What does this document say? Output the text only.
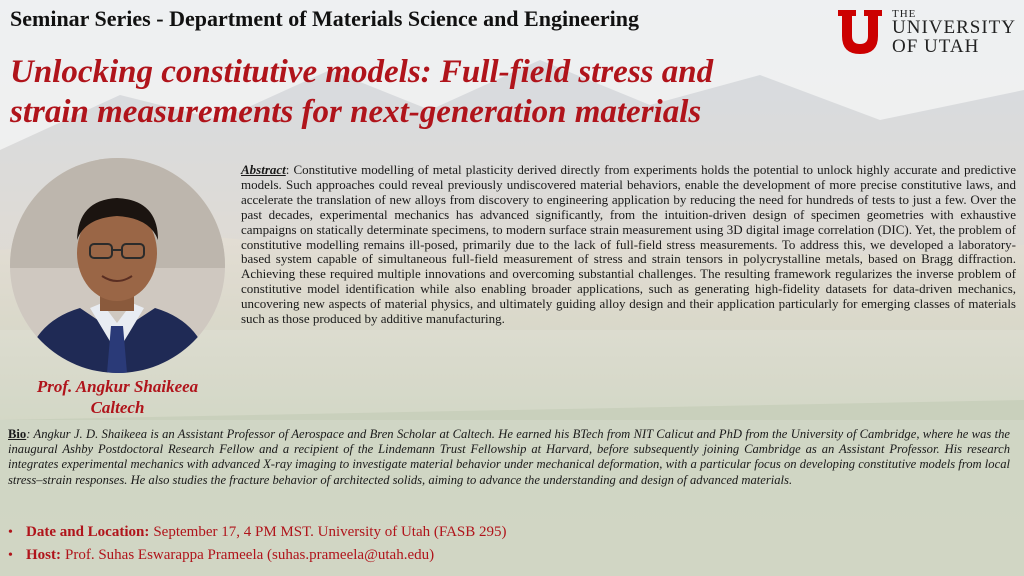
Seminar Series - Department of Materials Science and Engineering	THE
UNIVERSITY
OF UTAH
Unlocking constitutive models: Full-field stress and
strain measurements for next-generation materials
Prof. Angkur Shaikeea
Caltech
Abstract: Constitutive modelling of metal plasticity derived directly from experiments holds the potential to unlock highly accurate and predictive models. Such approaches could reveal previously undiscovered material behaviors, enable the development of more precise constitutive laws, and accelerate the translation of new alloys from discovery to engineering application by reducing the need for hundreds of tests to just a few. Over the past decades, experimental mechanics has advanced significantly, from the intuition-driven design of specimen geometries with exhaustive campaigns on statically determinate specimens, to modern surface strain measurement using 3D digital image correlation (DIC). Yet, the problem of constitutive modelling remains ill-posed, primarily due to the lack of full-field stress measurements. To address this, we developed a laboratory-based system capable of simultaneous full-field measurement of stress and strain tensors in polycrystalline metals, based on Bragg diffraction. Achieving these required multiple innovations and overcoming substantial challenges. The resulting framework regularizes the inverse problem of constitutive model identification while also enabling broader applications, such as generating high-fidelity datasets for data-driven mechanics, uncovering new aspects of material physics, and ultimately guiding alloy design and their application particularly for emerging classes of materials such as those produced by additive manufacturing.
Bio: Angkur J. D. Shaikeea is an Assistant Professor of Aerospace and Bren Scholar at Caltech. He earned his BTech from NIT Calicut and PhD from the University of Cambridge, where he was the inaugural Ashby Postdoctoral Research Fellow and a recipient of the Lindemann Trust Fellowship at Harvard, before subsequently joining Cambridge as an Assistant Professor. His research integrates experimental mechanics with advanced X-ray imaging to investigate material behavior under mechanical deformation, with a particular focus on developing constitutive models from local stress–strain responses. He also studies the fracture behavior of architected solids, aiming to advance the understanding and design of advanced materials.
• Date and Location: September 17, 4 PM MST. University of Utah (FASB 295)
• Host: Prof. Suhas Eswarappa Prameela (suhas.prameela@utah.edu)
